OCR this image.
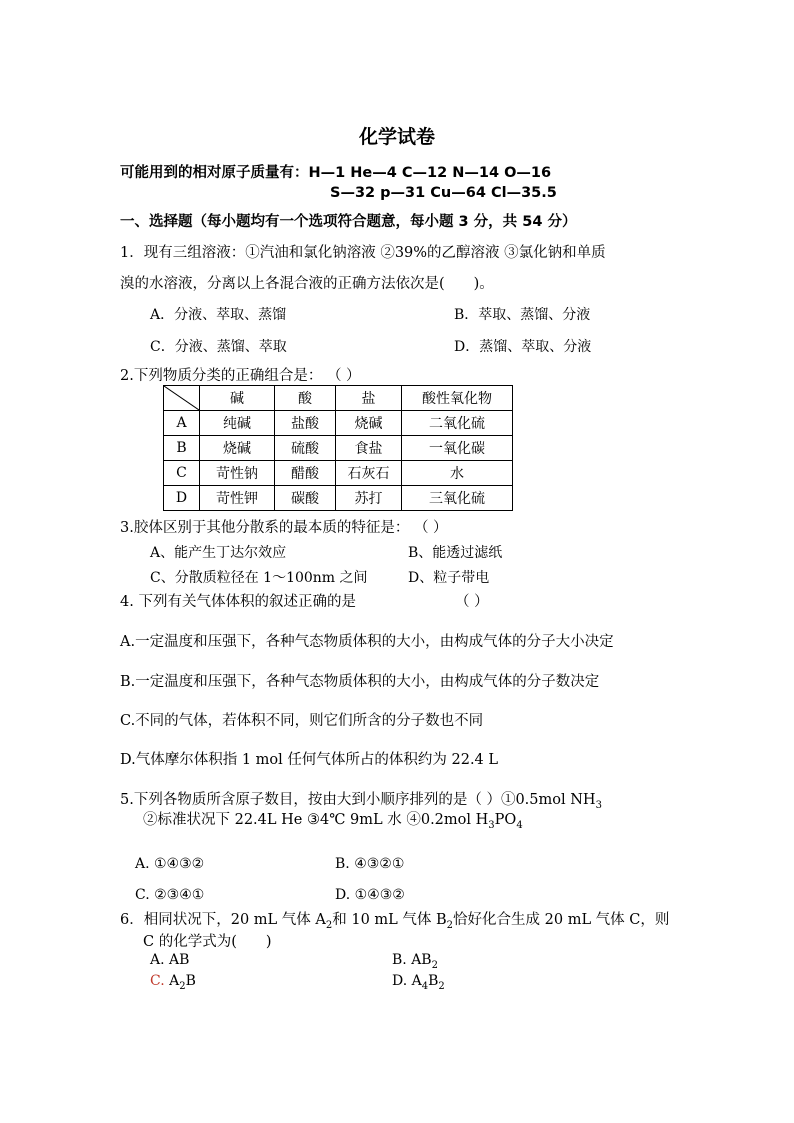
化学试卷
可能用到的相对原子质量有：H—1 He—4 C—12 N—14 O—16
S—32 p—31 Cu—64 Cl—35.5
一、选择题（每小题均有一个选项符合题意，每小题 3 分，共 54 分）
1．现有三组溶液：①汽油和氯化钠溶液 ②39%的乙醇溶液 ③氯化钠和单质
溴的水溶液，分离以上各混合液的正确方法依次是(　　)。
A．分液、萃取、蒸馏	B．萃取、蒸馏、分液
C．分液、蒸馏、萃取	D．蒸馏、萃取、分液
2.下列物质分类的正确组合是： （ ）
	碱	酸	盐	酸性氧化物
A	纯碱	盐酸	烧碱	二氧化硫
B	烧碱	硫酸	食盐	一氧化碳
C	苛性钠	醋酸	石灰石	水
D	苛性钾	碳酸	苏打	三氧化硫
3.胶体区别于其他分散系的最本质的特征是： （ ）
A、能产生丁达尔效应	B、能透过滤纸
C、分散质粒径在 1～100nm 之间	D、粒子带电
4. 下列有关气体体积的叙述正确的是	（ ）
A.一定温度和压强下，各种气态物质体积的大小，由构成气体的分子大小决定
B.一定温度和压强下，各种气态物质体积的大小，由构成气体的分子数决定
C.不同的气体，若体积不同，则它们所含的分子数也不同
D.气体摩尔体积指 1 mol 任何气体所占的体积约为 22.4 L
5.下列各物质所含原子数目，按由大到小顺序排列的是（ ）①0.5mol $NH_3$
②标准状况下 22.4L He ③4℃ 9mL 水 ④0.2mol $H_3PO_4$
A. ①④③②	B. ④③②①
C. ②③④①	D. ①④③②
6．相同状况下，20 mL 气体 $A_2$和 10 mL 气体 $B_2$恰好化合生成 20 mL 气体 C，则
C 的化学式为(　　)
A. AB	B. $AB_2$
C. $A_2B$	D. $A_4B_2$
